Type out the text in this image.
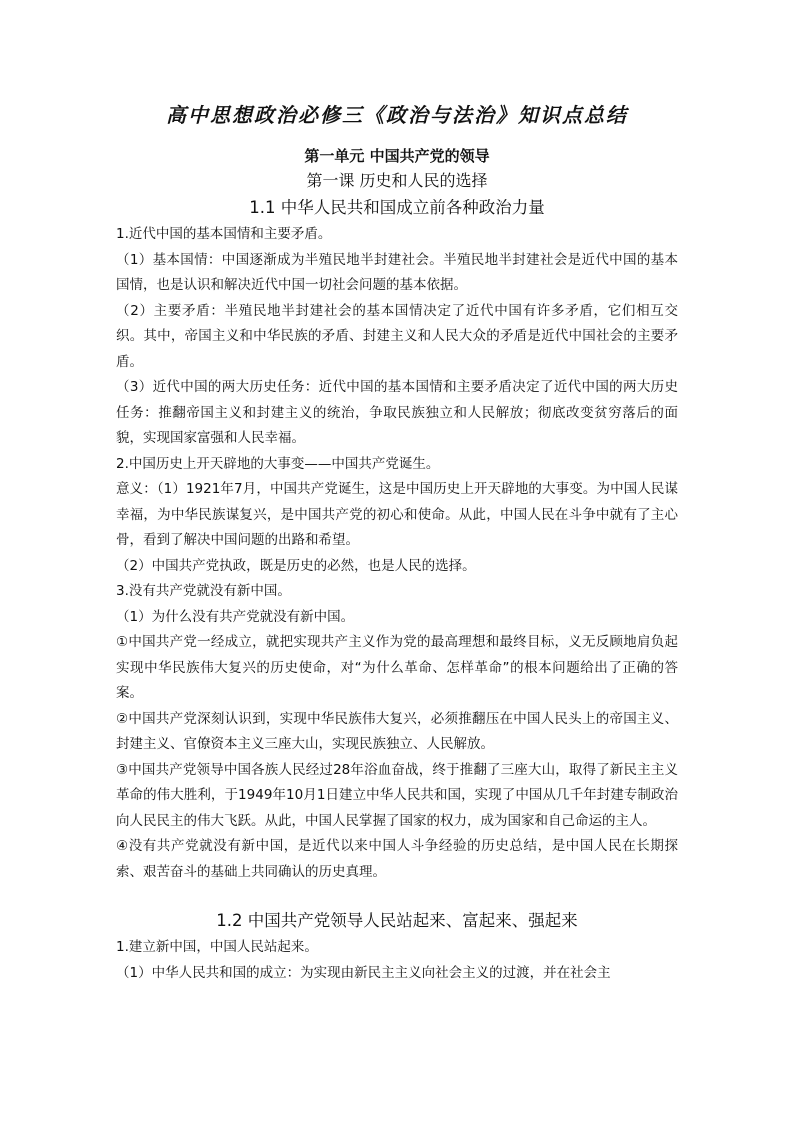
高中思想政治必修三《政治与法治》知识点总结
第一单元 中国共产党的领导
第一课 历史和人民的选择
1.1 中华人民共和国成立前各种政治力量

1.近代中国的基本国情和主要矛盾。

（1）基本国情：中国逐渐成为半殖民地半封建社会。半殖民地半封建社会是近代中国的基本国情，也是认识和解决近代中国一切社会问题的基本依据。

（2）主要矛盾：半殖民地半封建社会的基本国情决定了近代中国有许多矛盾，它们相互交织。其中，帝国主义和中华民族的矛盾、封建主义和人民大众的矛盾是近代中国社会的主要矛盾。

（3）近代中国的两大历史任务：近代中国的基本国情和主要矛盾决定了近代中国的两大历史任务：推翻帝国主义和封建主义的统治，争取民族独立和人民解放；彻底改变贫穷落后的面貌，实现国家富强和人民幸福。

2.中国历史上开天辟地的大事变——中国共产党诞生。

意义：（1）1921年7月，中国共产党诞生，这是中国历史上开天辟地的大事变。为中国人民谋幸福，为中华民族谋复兴，是中国共产党的初心和使命。从此，中国人民在斗争中就有了主心骨，看到了解决中国问题的出路和希望。

（2）中国共产党执政，既是历史的必然，也是人民的选择。

3.没有共产党就没有新中国。

（1）为什么没有共产党就没有新中国。

①中国共产党一经成立，就把实现共产主义作为党的最高理想和最终目标，义无反顾地肩负起实现中华民族伟大复兴的历史使命，对“为什么革命、怎样革命”的根本问题给出了正确的答案。

②中国共产党深刻认识到，实现中华民族伟大复兴，必须推翻压在中国人民头上的帝国主义、封建主义、官僚资本主义三座大山，实现民族独立、人民解放。

③中国共产党领导中国各族人民经过28年浴血奋战，终于推翻了三座大山，取得了新民主主义革命的伟大胜利，于1949年10月1日建立中华人民共和国，实现了中国从几千年封建专制政治向人民民主的伟大飞跃。从此，中国人民掌握了国家的权力，成为国家和自己命运的主人。

④没有共产党就没有新中国，是近代以来中国人斗争经验的历史总结，是中国人民在长期探索、艰苦奋斗的基础上共同确认的历史真理。

1.2 中国共产党领导人民站起来、富起来、强起来

1.建立新中国，中国人民站起来。

（1）中华人民共和国的成立：为实现由新民主主义向社会主义的过渡，并在社会主
